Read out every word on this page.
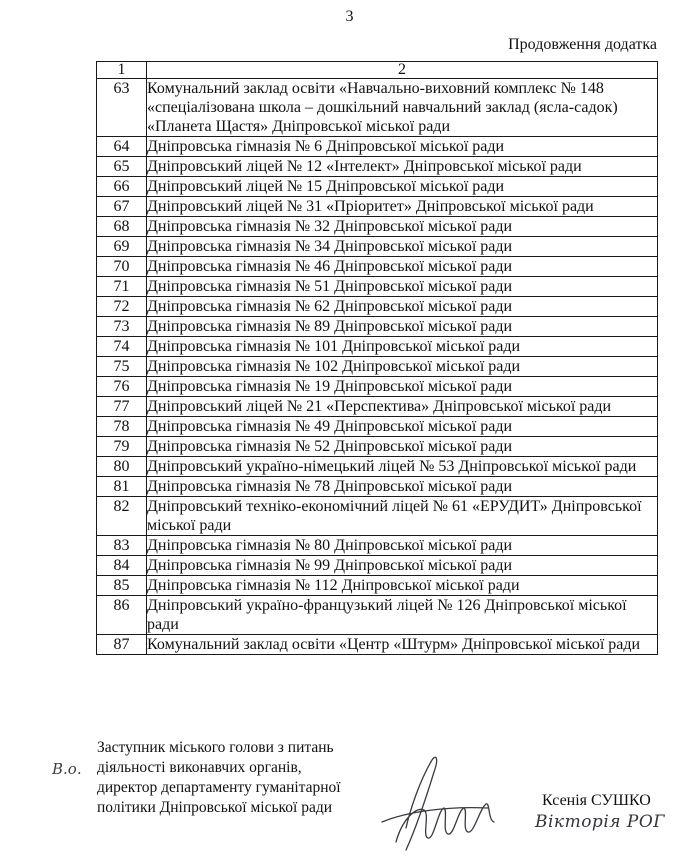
3
Продовження додатка
1	2
63	Комунальний заклад освіти «Навчально-виховний комплекс № 148 «спеціалізована школа – дошкільний навчальний заклад (ясла-садок) «Планета Щастя» Дніпровської міської ради
64	Дніпровська гімназія № 6 Дніпровської міської ради
65	Дніпровський ліцей № 12 «Інтелект» Дніпровської міської ради
66	Дніпровський ліцей № 15 Дніпровської міської ради
67	Дніпровський ліцей № 31 «Пріоритет» Дніпровської міської ради
68	Дніпровська гімназія № 32 Дніпровської міської ради
69	Дніпровська гімназія № 34 Дніпровської міської ради
70	Дніпровська гімназія № 46 Дніпровської міської ради
71	Дніпровська гімназія № 51 Дніпровської міської ради
72	Дніпровська гімназія № 62 Дніпровської міської ради
73	Дніпровська гімназія № 89 Дніпровської міської ради
74	Дніпровська гімназія № 101 Дніпровської міської ради
75	Дніпровська гімназія № 102 Дніпровської міської ради
76	Дніпровська гімназія № 19 Дніпровської міської ради
77	Дніпровський ліцей № 21 «Перспектива» Дніпровської міської ради
78	Дніпровська гімназія № 49 Дніпровської міської ради
79	Дніпровська гімназія № 52 Дніпровської міської ради
80	Дніпровський україно-німецький ліцей № 53 Дніпровської міської ради
81	Дніпровська гімназія № 78 Дніпровської міської ради
82	Дніпровський техніко-економічний ліцей № 61 «ЕРУДИТ» Дніпровської міської ради
83	Дніпровська гімназія № 80 Дніпровської міської ради
84	Дніпровська гімназія № 99 Дніпровської міської ради
85	Дніпровська гімназія № 112 Дніпровської міської ради
86	Дніпровський україно-французький ліцей № 126 Дніпровської міської ради
87	Комунальний заклад освіти «Центр «Штурм» Дніпровської міської ради
Заступник міського голови з питань
діяльності виконавчих органів,
директор департаменту гуманітарної
політики Дніпровської міської ради
В.о.
Ксенія СУШКО
Вікторія РОГ
